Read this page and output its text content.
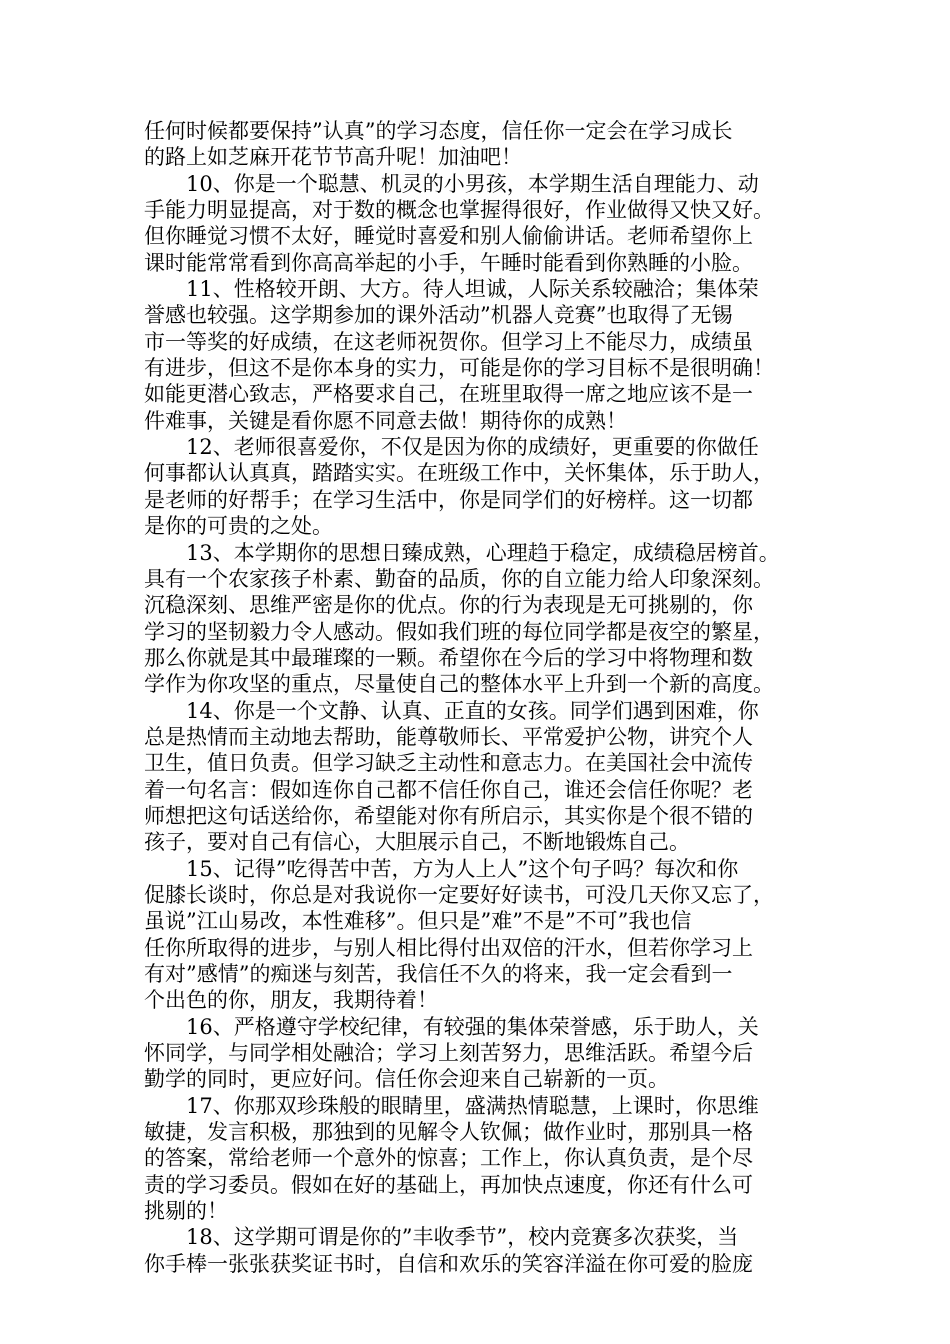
任何时候都要保持”认真”的学习态度，信任你一定会在学习成长
的路上如芝麻开花节节高升呢！加油吧！
10、你是一个聪慧、机灵的小男孩，本学期生活自理能力、动
手能力明显提高，对于数的概念也掌握得很好，作业做得又快又好。
但你睡觉习惯不太好，睡觉时喜爱和别人偷偷讲话。老师希望你上
课时能常常看到你高高举起的小手，午睡时能看到你熟睡的小脸。
11、性格较开朗、大方。待人坦诚，人际关系较融洽；集体荣
誉感也较强。这学期参加的课外活动”机器人竞赛”也取得了无锡
市一等奖的好成绩，在这老师祝贺你。但学习上不能尽力，成绩虽
有进步，但这不是你本身的实力，可能是你的学习目标不是很明确！
如能更潜心致志，严格要求自己，在班里取得一席之地应该不是一
件难事，关键是看你愿不同意去做！期待你的成熟！
12、老师很喜爱你，不仅是因为你的成绩好，更重要的你做任
何事都认认真真，踏踏实实。在班级工作中，关怀集体，乐于助人，
是老师的好帮手；在学习生活中，你是同学们的好榜样。这一切都
是你的可贵的之处。
13、本学期你的思想日臻成熟，心理趋于稳定，成绩稳居榜首。
具有一个农家孩子朴素、勤奋的品质，你的自立能力给人印象深刻。
沉稳深刻、思维严密是你的优点。你的行为表现是无可挑剔的，你
学习的坚韧毅力令人感动。假如我们班的每位同学都是夜空的繁星，
那么你就是其中最璀璨的一颗。希望你在今后的学习中将物理和数
学作为你攻坚的重点，尽量使自己的整体水平上升到一个新的高度。
14、你是一个文静、认真、正直的女孩。同学们遇到困难，你
总是热情而主动地去帮助，能尊敬师长、平常爱护公物，讲究个人
卫生，值日负责。但学习缺乏主动性和意志力。在美国社会中流传
着一句名言：假如连你自己都不信任你自己，谁还会信任你呢？老
师想把这句话送给你，希望能对你有所启示，其实你是个很不错的
孩子，要对自己有信心，大胆展示自己，不断地锻炼自己。
15、记得”吃得苦中苦，方为人上人”这个句子吗？每次和你
促膝长谈时，你总是对我说你一定要好好读书，可没几天你又忘了，
虽说”江山易改，本性难移”。但只是”难”不是”不可”我也信
任你所取得的进步，与别人相比得付出双倍的汗水，但若你学习上
有对”感情”的痴迷与刻苦，我信任不久的将来，我一定会看到一
个出色的你，朋友，我期待着！
16、严格遵守学校纪律，有较强的集体荣誉感，乐于助人，关
怀同学，与同学相处融洽；学习上刻苦努力，思维活跃。希望今后
勤学的同时，更应好问。信任你会迎来自己崭新的一页。
17、你那双珍珠般的眼睛里，盛满热情聪慧，上课时，你思维
敏捷，发言积极，那独到的见解令人钦佩；做作业时，那别具一格
的答案，常给老师一个意外的惊喜；工作上，你认真负责，是个尽
责的学习委员。假如在好的基础上，再加快点速度，你还有什么可
挑剔的！
18、这学期可谓是你的”丰收季节”，校内竞赛多次获奖，当
你手棒一张张获奖证书时，自信和欢乐的笑容洋溢在你可爱的脸庞
